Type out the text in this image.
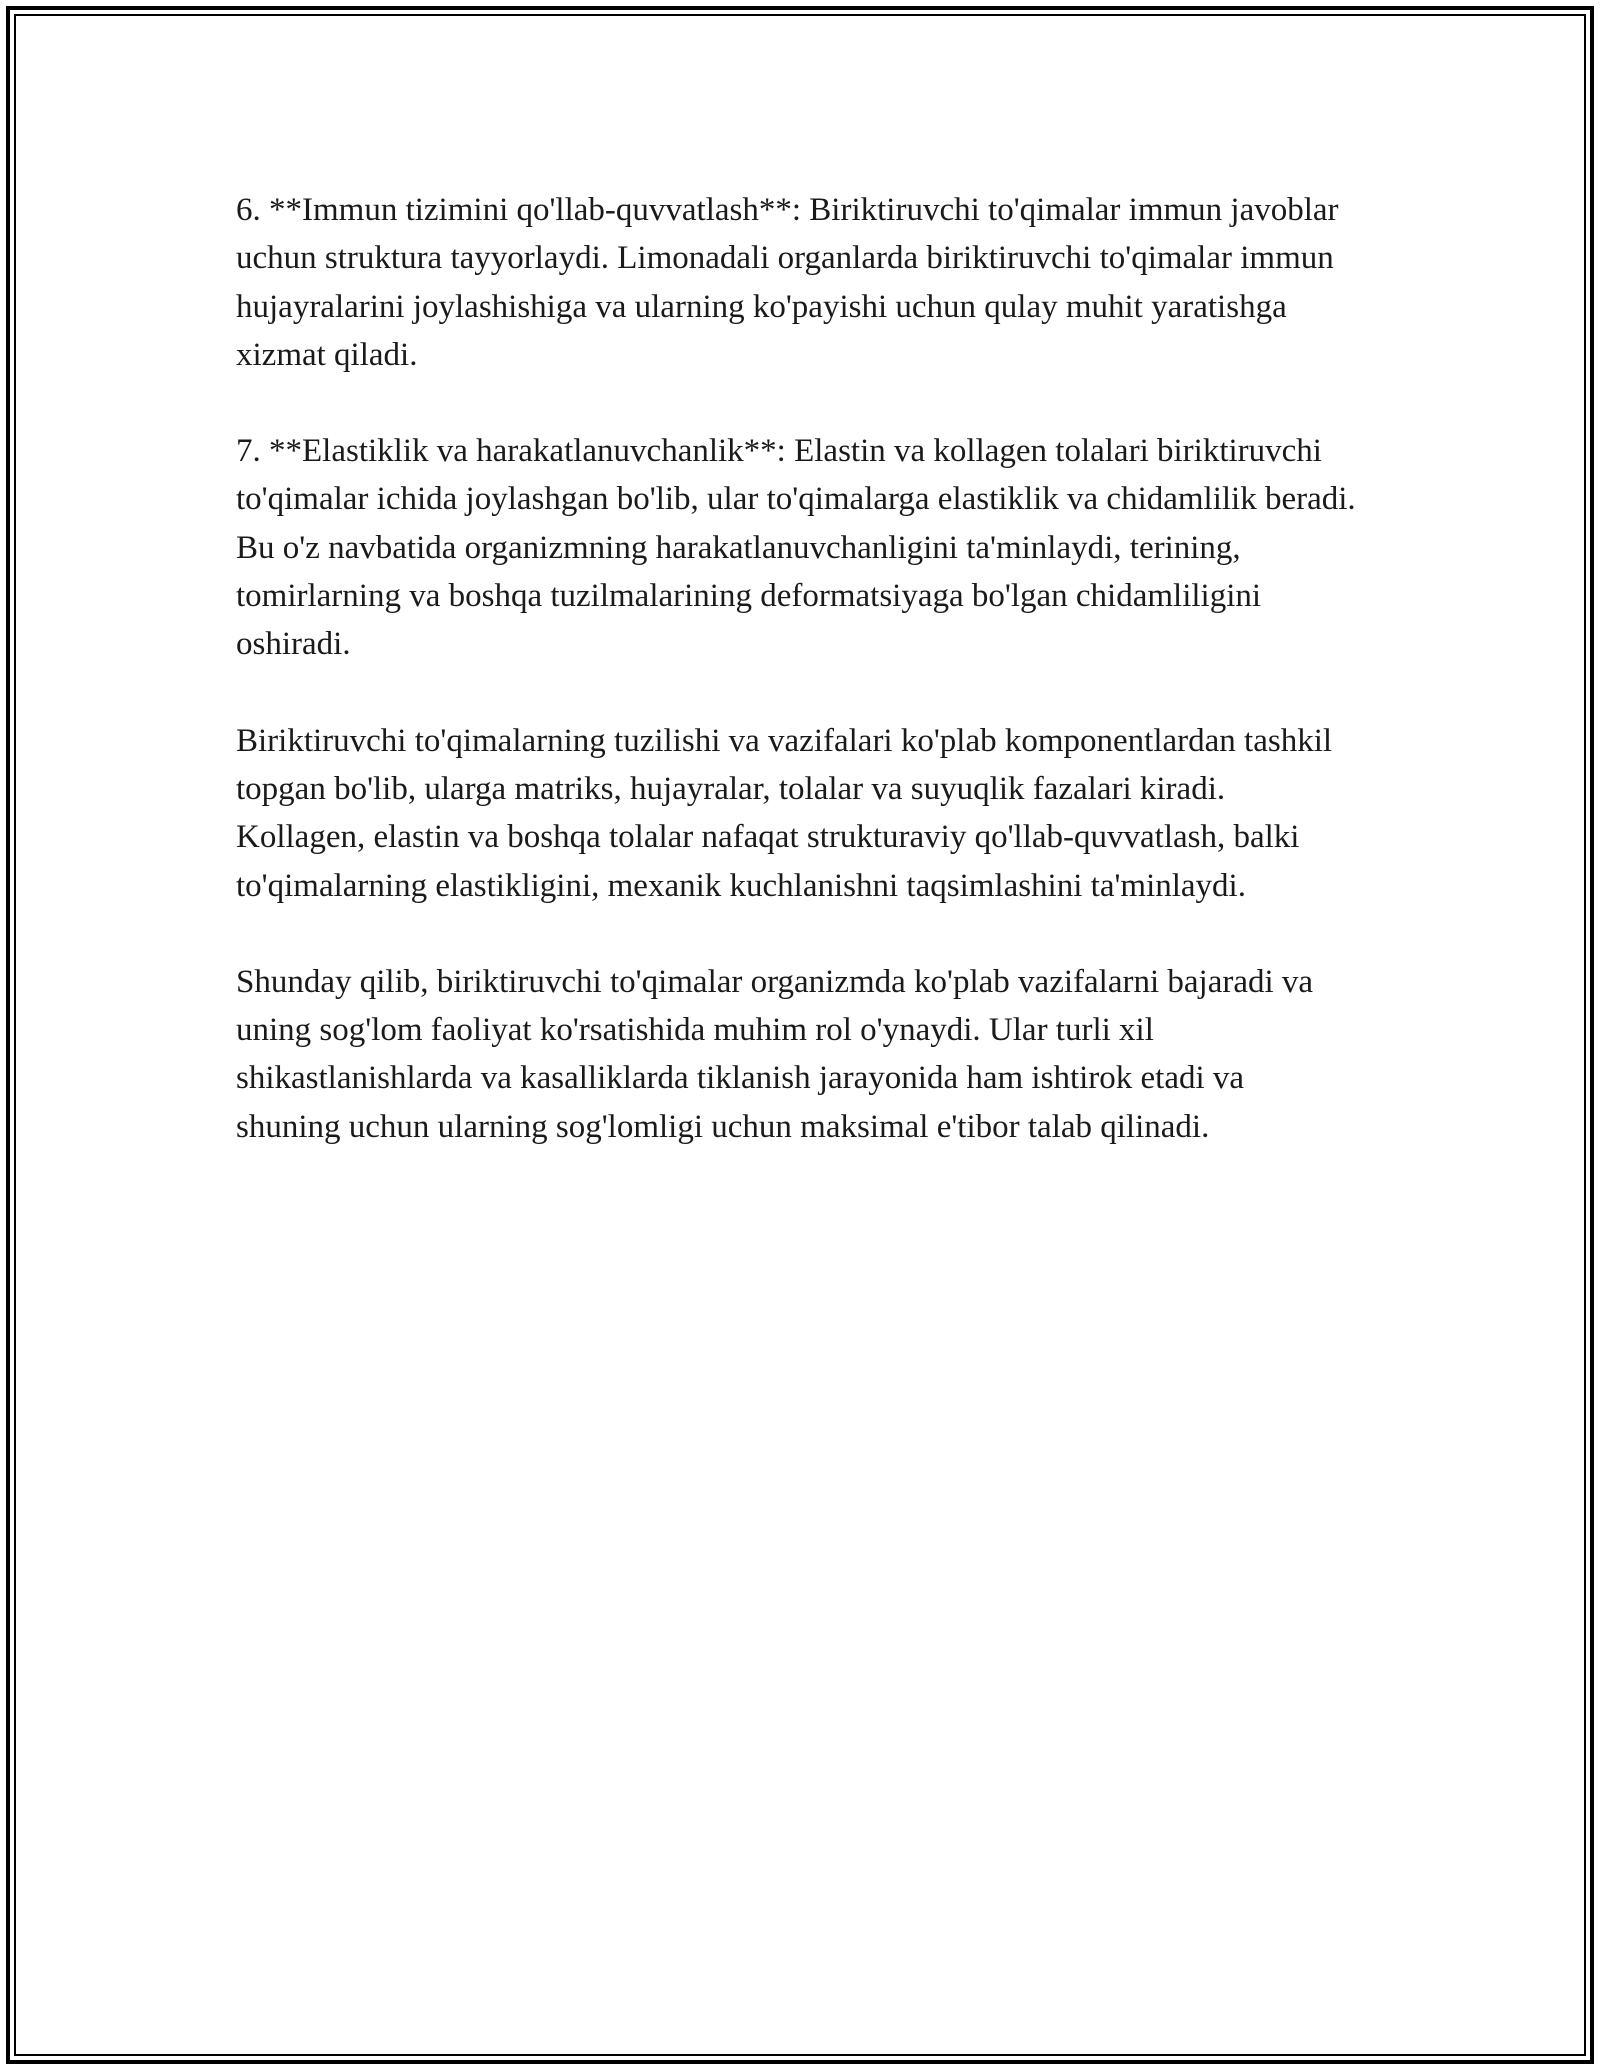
6. **Immun tizimini qo'llab-quvvatlash**: Biriktiruvchi to'qimalar immun javoblar uchun struktura tayyorlaydi. Limonadali organlarda biriktiruvchi to'qimalar immun hujayralarini joylashishiga va ularning ko'payishi uchun qulay muhit yaratishga xizmat qiladi.

7. **Elastiklik va harakatlanuvchanlik**: Elastin va kollagen tolalari biriktiruvchi to'qimalar ichida joylashgan bo'lib, ular to'qimalarga elastiklik va chidamlilik beradi. Bu o'z navbatida organizmning harakatlanuvchanligini ta'minlaydi, terining, tomirlarning va boshqa tuzilmalarining deformatsiyaga bo'lgan chidamliligini oshiradi.

Biriktiruvchi to'qimalarning tuzilishi va vazifalari ko'plab komponentlardan tashkil topgan bo'lib, ularga matriks, hujayralar, tolalar va suyuqlik fazalari kiradi. Kollagen, elastin va boshqa tolalar nafaqat strukturaviy qo'llab-quvvatlash, balki to'qimalarning elastikligini, mexanik kuchlanishni taqsimlashini ta'minlaydi.

Shunday qilib, biriktiruvchi to'qimalar organizmda ko'plab vazifalarni bajaradi va uning sog'lom faoliyat ko'rsatishida muhim rol o'ynaydi. Ular turli xil shikastlanishlarda va kasalliklarda tiklanish jarayonida ham ishtirok etadi va shuning uchun ularning sog'lomligi uchun maksimal e'tibor talab qilinadi.
